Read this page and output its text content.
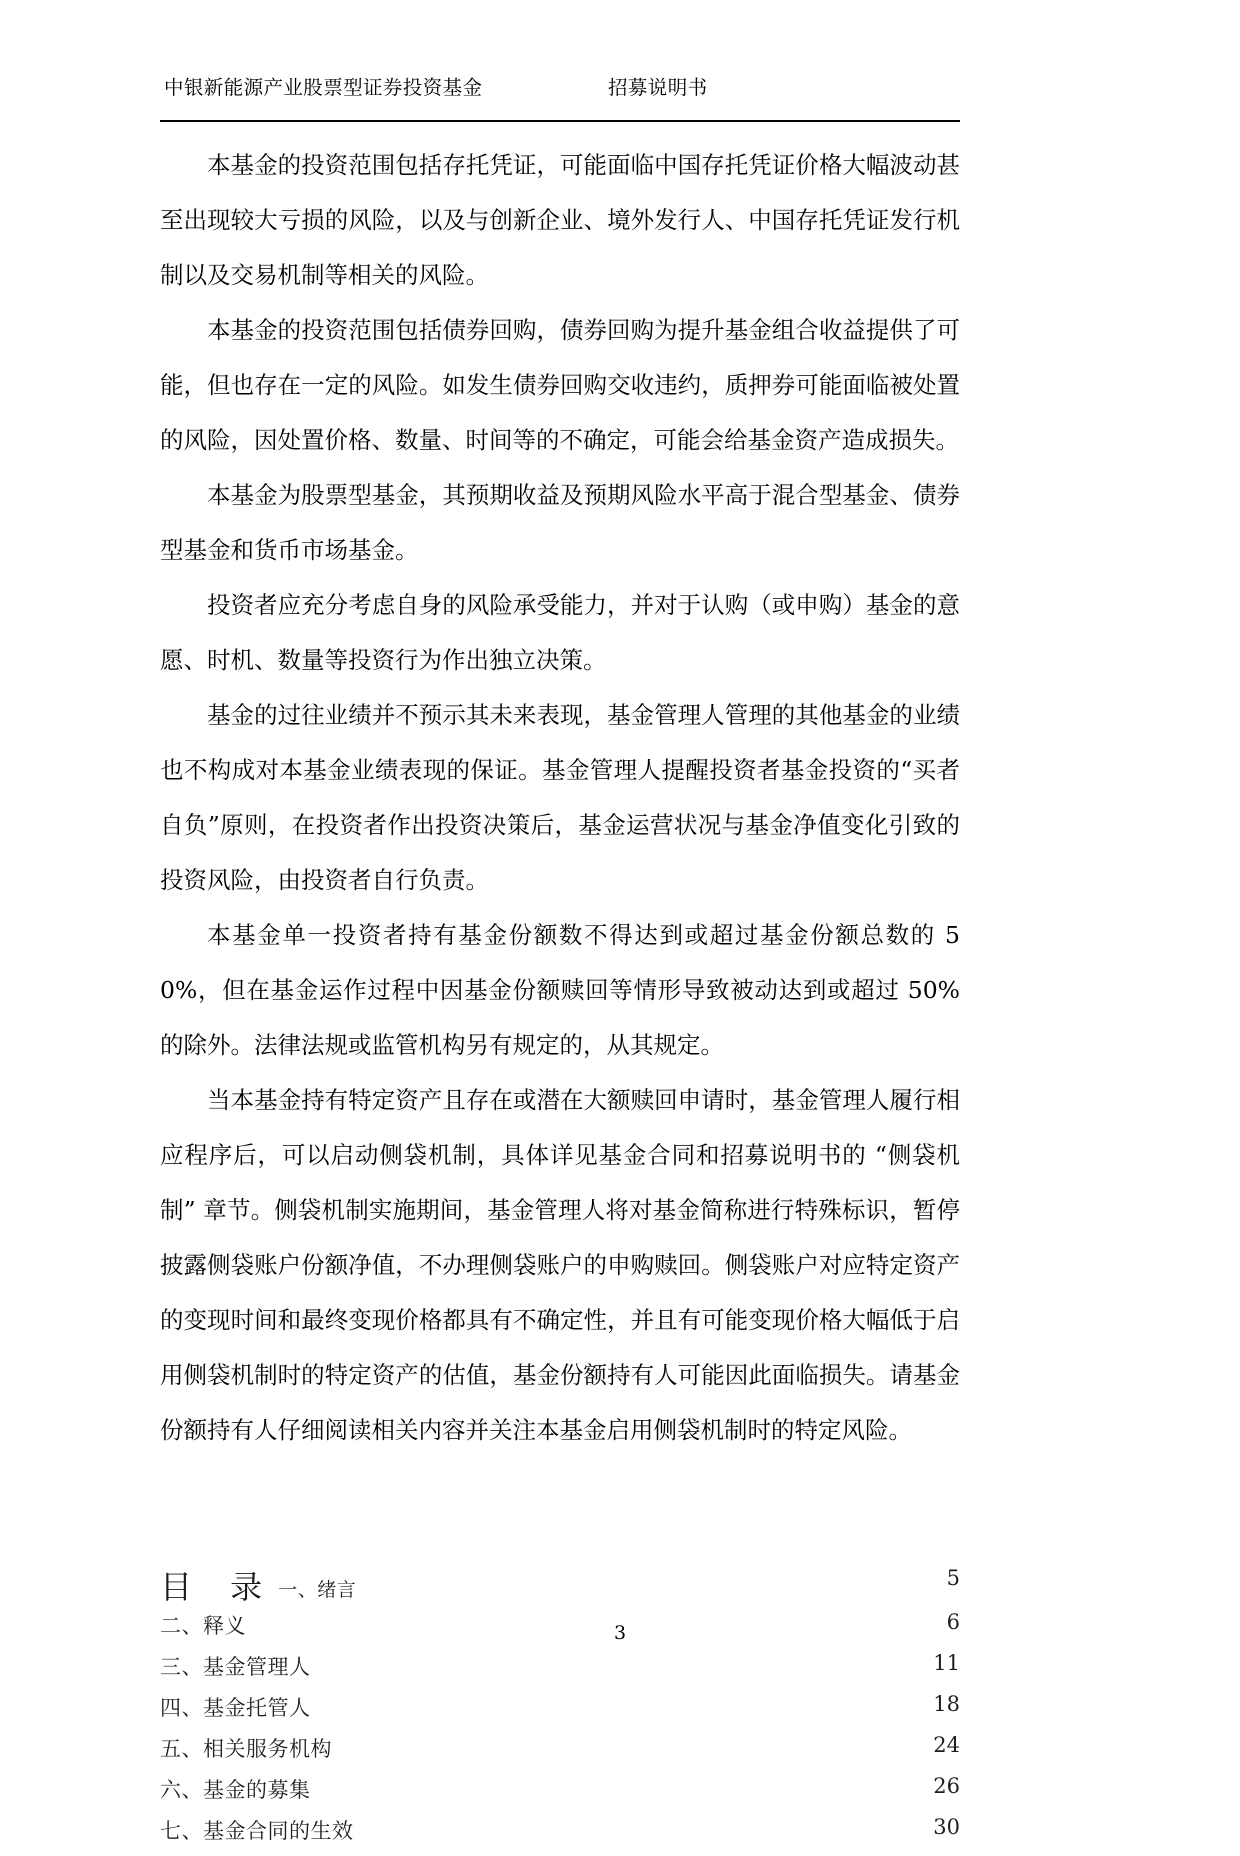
中银新能源产业股票型证券投资基金	招募说明书

本基金的投资范围包括存托凭证，可能面临中国存托凭证价格大幅波动甚至出现较大亏损的风险，以及与创新企业、境外发行人、中国存托凭证发行机制以及交易机制等相关的风险。

本基金的投资范围包括债券回购，债券回购为提升基金组合收益提供了可能，但也存在一定的风险。如发生债券回购交收违约，质押券可能面临被处置的风险，因处置价格、数量、时间等的不确定，可能会给基金资产造成损失。

本基金为股票型基金，其预期收益及预期风险水平高于混合型基金、债券型基金和货币市场基金。

投资者应充分考虑自身的风险承受能力，并对于认购（或申购）基金的意愿、时机、数量等投资行为作出独立决策。

基金的过往业绩并不预示其未来表现，基金管理人管理的其他基金的业绩也不构成对本基金业绩表现的保证。基金管理人提醒投资者基金投资的“买者自负”原则，在投资者作出投资决策后，基金运营状况与基金净值变化引致的投资风险，由投资者自行负责。

本基金单一投资者持有基金份额数不得达到或超过基金份额总数的 50%，但在基金运作过程中因基金份额赎回等情形导致被动达到或超过 50%的除外。法律法规或监管机构另有规定的，从其规定。

当本基金持有特定资产且存在或潜在大额赎回申请时，基金管理人履行相应程序后，可以启动侧袋机制，具体详见基金合同和招募说明书的 “侧袋机制” 章节。侧袋机制实施期间，基金管理人将对基金简称进行特殊标识，暂停披露侧袋账户份额净值，不办理侧袋账户的申购赎回。侧袋账户对应特定资产的变现时间和最终变现价格都具有不确定性，并且有可能变现价格大幅低于启用侧袋机制时的特定资产的估值，基金份额持有人可能因此面临损失。请基金份额持有人仔细阅读相关内容并关注本基金启用侧袋机制时的特定风险。

目 录 一、绪言	5
二、释义	6
三、基金管理人	11
四、基金托管人	18
五、相关服务机构	24
六、基金的募集	26
七、基金合同的生效	30
3
